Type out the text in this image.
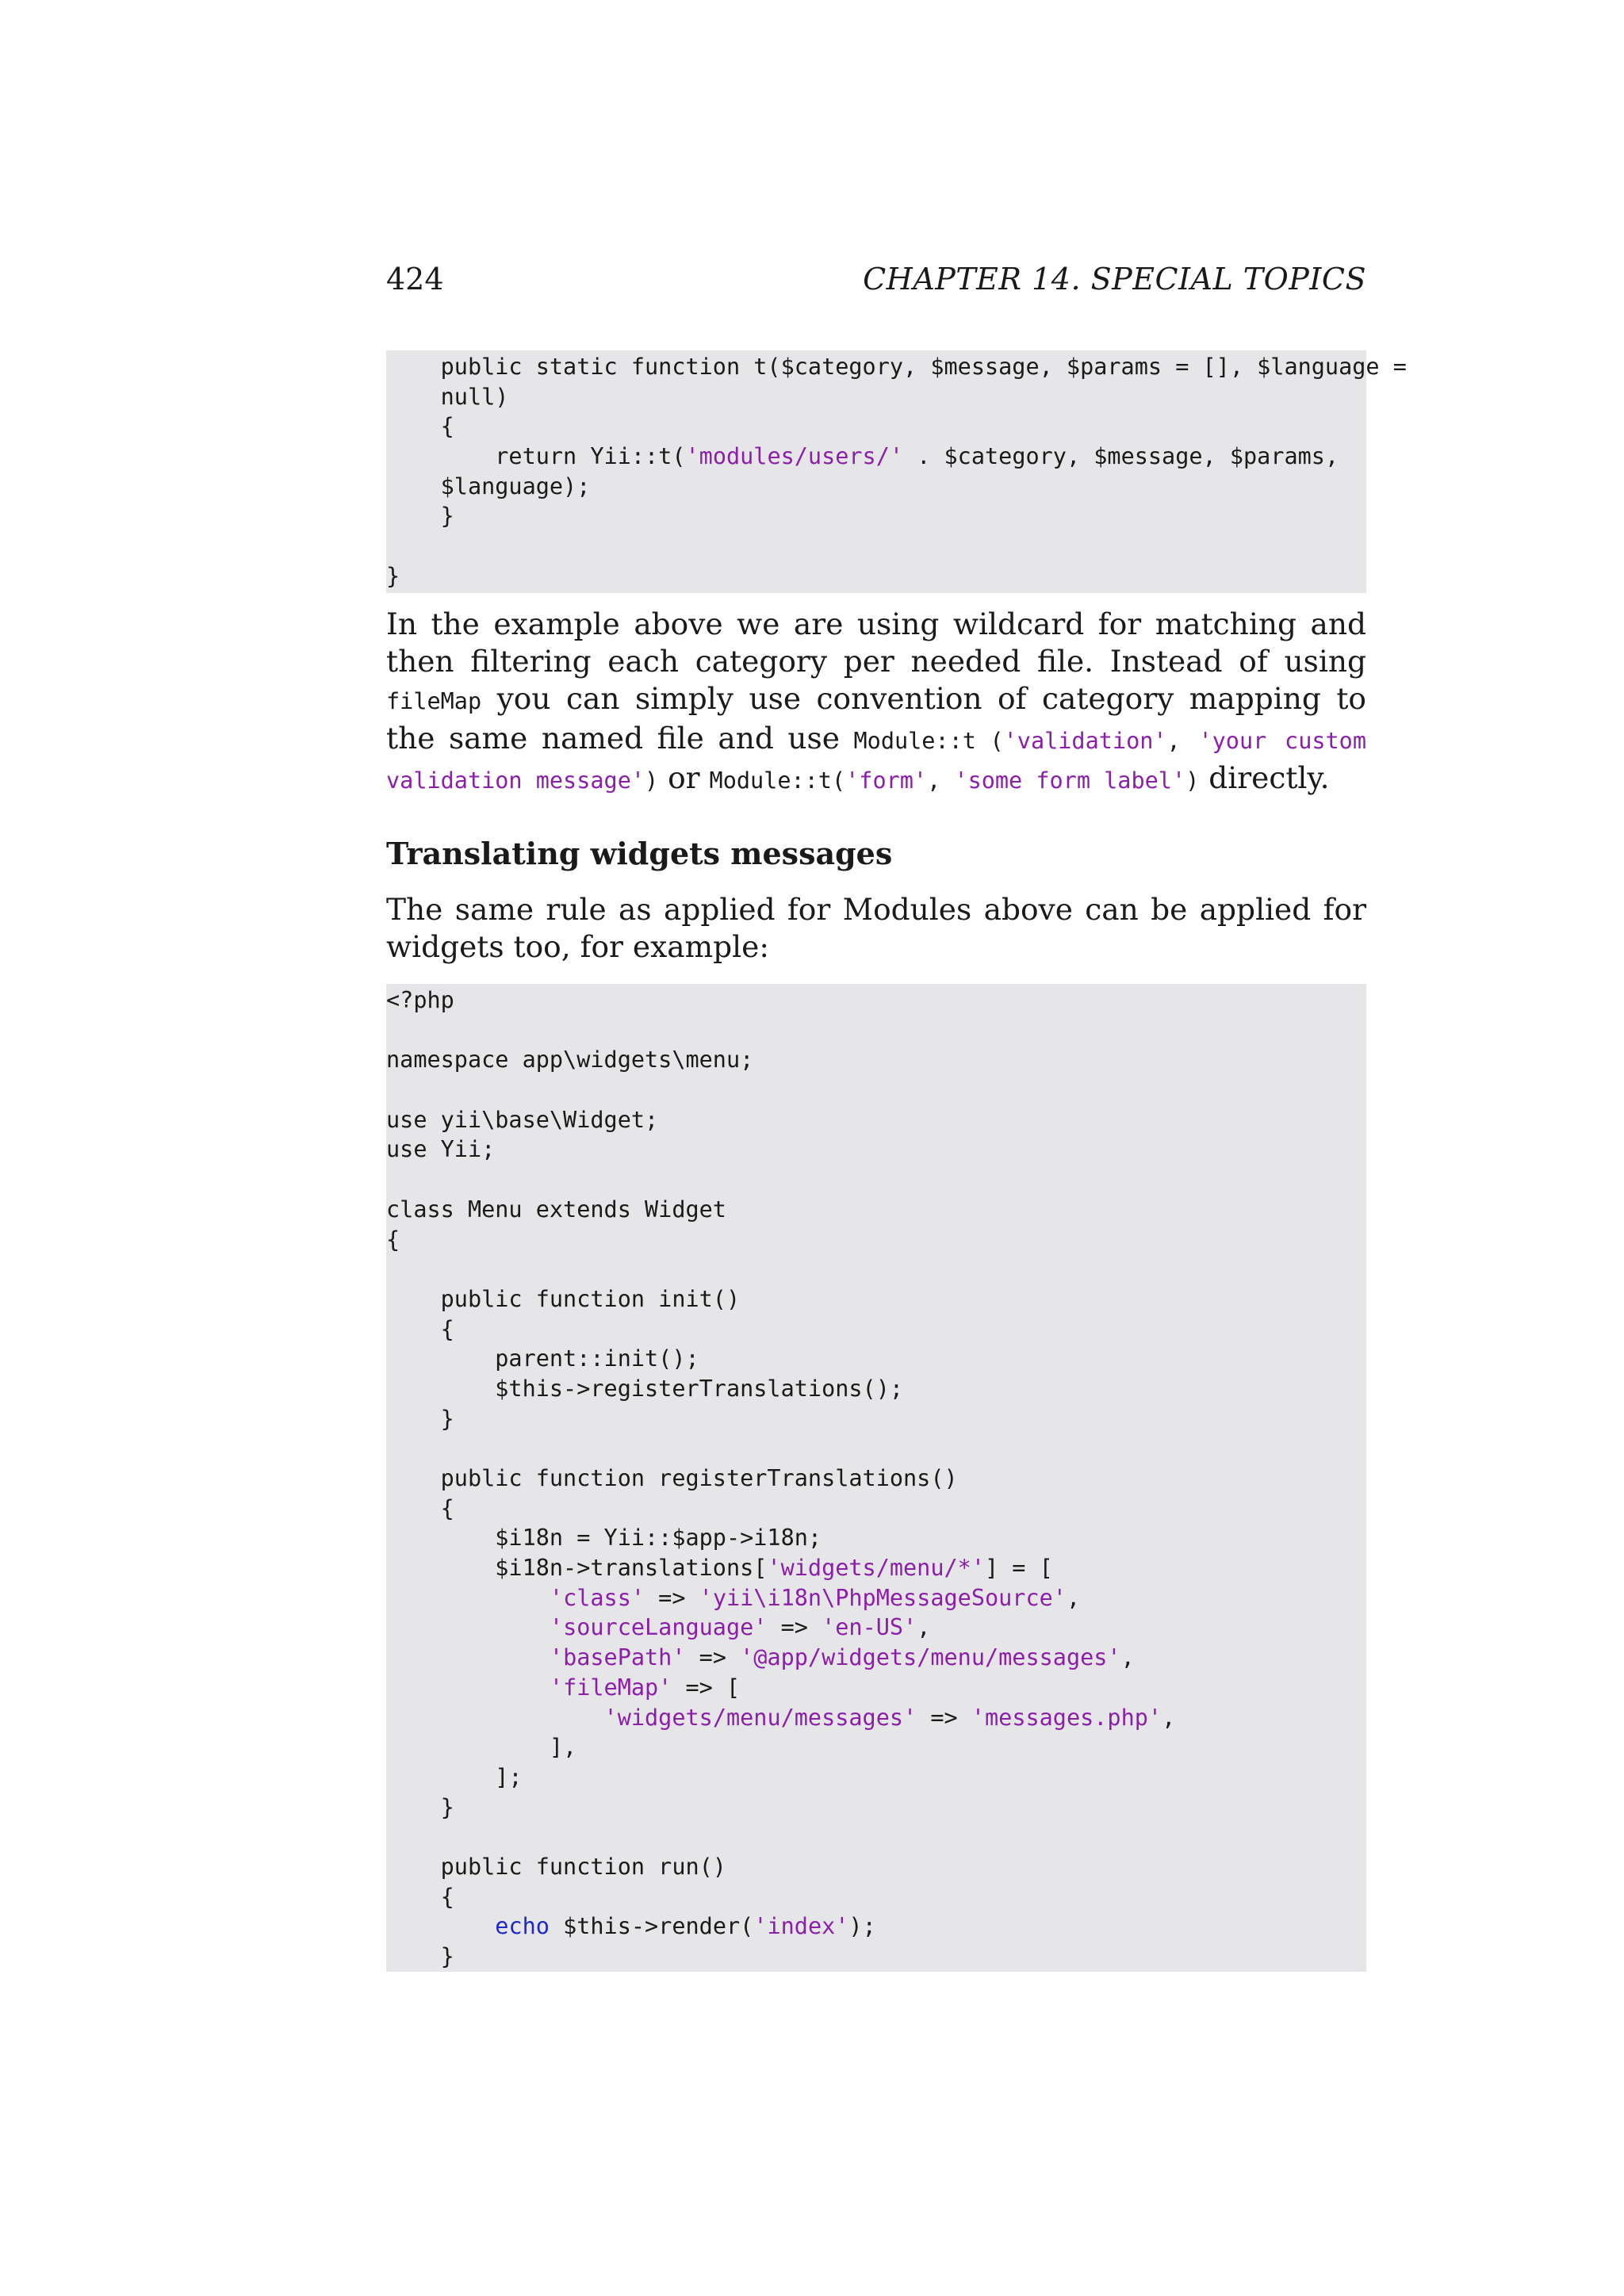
424	CHAPTER 14. SPECIAL TOPICS
public static function t($category, $message, $params = [], $language =
null)
{
return Yii::t('modules/users/' . $category, $message, $params,
$language);
}
}
In the example above we are using wildcard for matching and then filtering each category per needed file. Instead of using fileMap you can simply use convention of category mapping to the same named file and use Module::t ('validation', 'your custom validation message') or Module::t('form', 'some form label') directly.
Translating widgets messages
The same rule as applied for Modules above can be applied for widgets too, for example:
<?php
namespace app\widgets\menu;
use yii\base\Widget;
use Yii;
class Menu extends Widget
{
public function init()
{
parent::init();
$this->registerTranslations();
}
public function registerTranslations()
{
$i18n = Yii::$app->i18n;
$i18n->translations['widgets/menu/*'] = [
'class' => 'yii\i18n\PhpMessageSource',
'sourceLanguage' => 'en-US',
'basePath' => '@app/widgets/menu/messages',
'fileMap' => [
'widgets/menu/messages' => 'messages.php',
],
];
}
public function run()
{
echo $this->render('index');
}
